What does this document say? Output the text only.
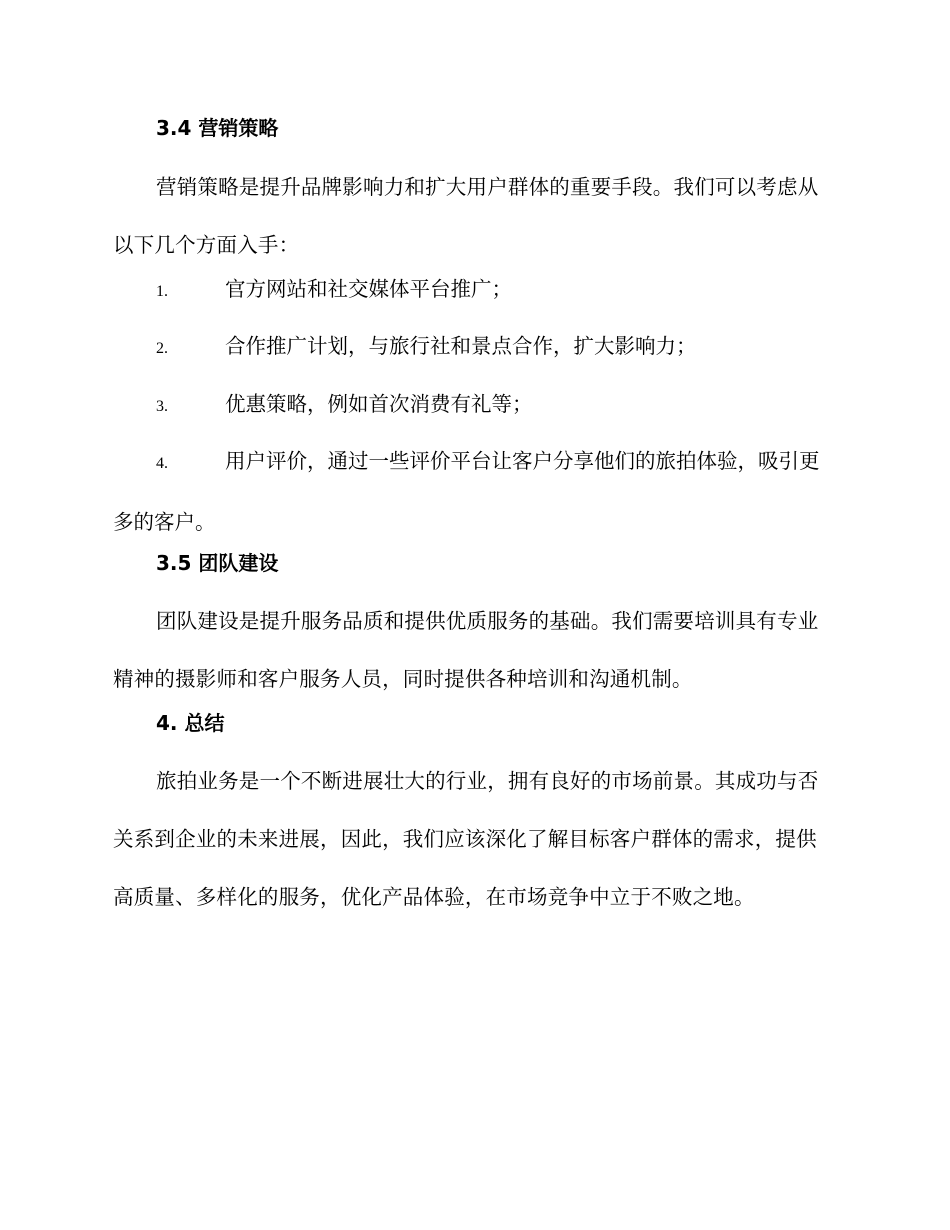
3.4 营销策略

营销策略是提升品牌影响力和扩大用户群体的重要手段。我们可以考虑从以下几个方面入手：

1.	官方网站和社交媒体平台推广；
2.	合作推广计划，与旅行社和景点合作，扩大影响力；
3.	优惠策略，例如首次消费有礼等；
4.	用户评价，通过一些评价平台让客户分享他们的旅拍体验，吸引更多的客户。
3.5 团队建设

团队建设是提升服务品质和提供优质服务的基础。我们需要培训具有专业精神的摄影师和客户服务人员，同时提供各种培训和沟通机制。

4. 总结

旅拍业务是一个不断进展壮大的行业，拥有良好的市场前景。其成功与否关系到企业的未来进展，因此，我们应该深化了解目标客户群体的需求，提供高质量、多样化的服务，优化产品体验，在市场竞争中立于不败之地。
